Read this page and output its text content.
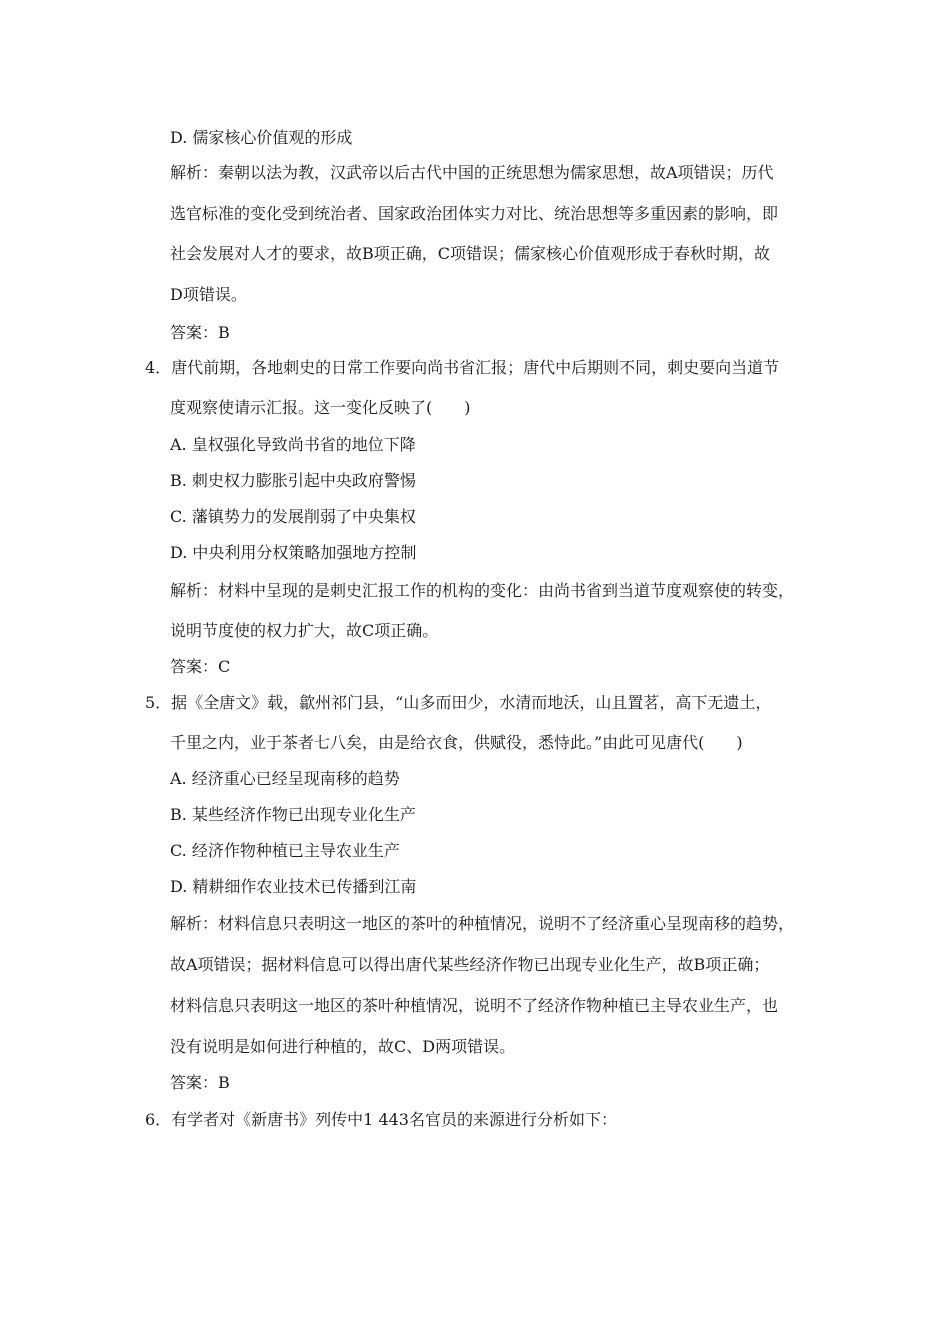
D. 儒家核心价值观的形成
解析：秦朝以法为教，汉武帝以后古代中国的正统思想为儒家思想，故A项错误；历代
选官标准的变化受到统治者、国家政治团体实力对比、统治思想等多重因素的影响，即
社会发展对人才的要求，故B项正确，C项错误；儒家核心价值观形成于春秋时期，故
D项错误。
答案：B
4．唐代前期，各地刺史的日常工作要向尚书省汇报；唐代中后期则不同，刺史要向当道节
度观察使请示汇报。这一变化反映了(　　)
A. 皇权强化导致尚书省的地位下降
B. 刺史权力膨胀引起中央政府警惕
C. 藩镇势力的发展削弱了中央集权
D. 中央利用分权策略加强地方控制
解析：材料中呈现的是刺史汇报工作的机构的变化：由尚书省到当道节度观察使的转变，
说明节度使的权力扩大，故C项正确。
答案：C
5．据《全唐文》载，歙州祁门县，“山多而田少，水清而地沃，山且置茗，高下无遗土，
千里之内，业于茶者七八矣，由是给衣食，供赋役，悉恃此。”由此可见唐代(　　)
A. 经济重心已经呈现南移的趋势
B. 某些经济作物已出现专业化生产
C. 经济作物种植已主导农业生产
D. 精耕细作农业技术已传播到江南
解析：材料信息只表明这一地区的茶叶的种植情况，说明不了经济重心呈现南移的趋势，
故A项错误；据材料信息可以得出唐代某些经济作物已出现专业化生产，故B项正确；
材料信息只表明这一地区的茶叶种植情况，说明不了经济作物种植已主导农业生产，也
没有说明是如何进行种植的，故C、D两项错误。
答案：B
6．有学者对《新唐书》列传中1 443名官员的来源进行分析如下：
